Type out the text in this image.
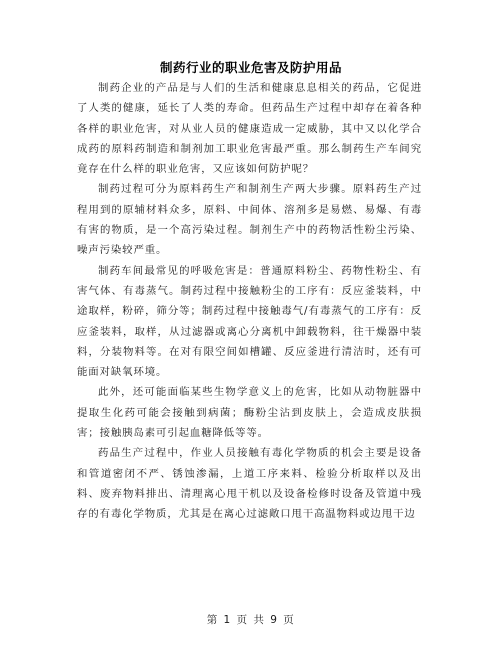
制药行业的职业危害及防护用品

制药企业的产品是与人们的生活和健康息息相关的药品，它促进了人类的健康，延长了人类的寿命。但药品生产过程中却存在着各种各样的职业危害，对从业人员的健康造成一定威胁，其中又以化学合成药的原料药制造和制剂加工职业危害最严重。那么制药生产车间究竟存在什么样的职业危害，又应该如何防护呢？

制药过程可分为原料药生产和制剂生产两大步骤。原料药生产过程用到的原辅材料众多，原料、中间体、溶剂多是易燃、易爆、有毒有害的物质，是一个高污染过程。制剂生产中的药物活性粉尘污染、噪声污染较严重。

制药车间最常见的呼吸危害是：普通原料粉尘、药物性粉尘、有害气体、有毒蒸气。制药过程中接触粉尘的工序有：反应釜装料，中途取样，粉碎，筛分等；制药过程中接触毒气/有毒蒸气的工序有：反应釜装料，取样，从过滤器或离心分离机中卸载物料，往干燥器中装料，分装物料等。在对有限空间如槽罐、反应釜进行清洁时，还有可能面对缺氧环境。

此外，还可能面临某些生物学意义上的危害，比如从动物脏器中提取生化药可能会接触到病菌；酶粉尘沾到皮肤上，会造成皮肤损害；接触胰岛素可引起血糖降低等等。

药品生产过程中，作业人员接触有毒化学物质的机会主要是设备和管道密闭不严、锈蚀渗漏，上道工序来料、检验分析取样以及出料、废弃物料排出、清理离心甩干机以及设备检修时设备及管道中残存的有毒化学物质，尤其是在离心过滤敞口甩干高温物料或边甩干边

第 1 页 共 9 页
